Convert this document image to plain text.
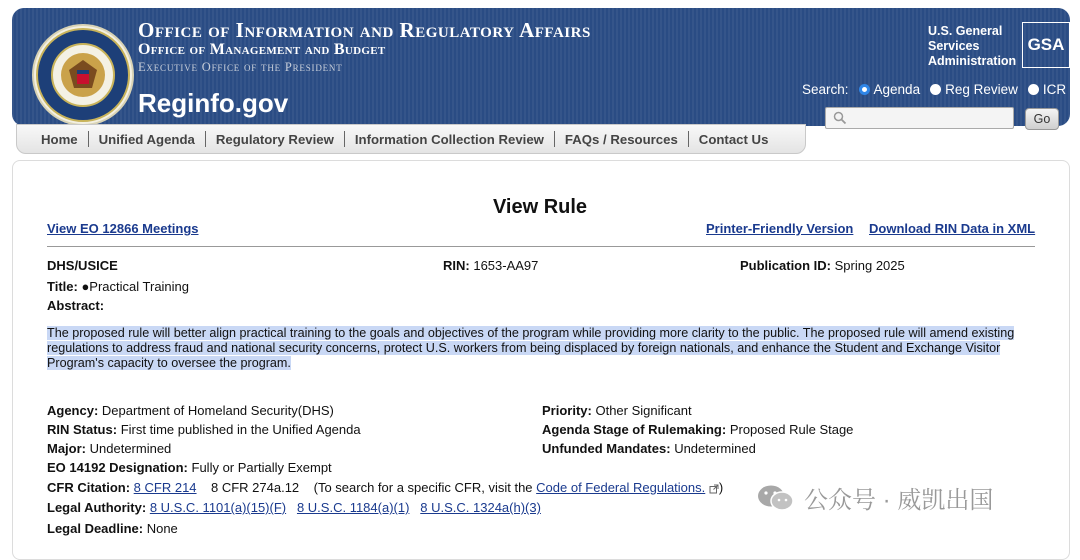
Office of Information and Regulatory Affairs
Office of Management and Budget
Executive Office of the President
Reginfo.gov
U.S. General Services Administration
GSA
Search: Agenda Reg Review ICR
Go
Home Unified Agenda Regulatory Review Information Collection Review FAQs / Resources Contact Us
View Rule
View EO 12866 Meetings	Printer-Friendly Version Download RIN Data in XML
DHS/USICE	RIN: 1653-AA97	Publication ID: Spring 2025
Title: ●Practical Training
Abstract:
The proposed rule will better align practical training to the goals and objectives of the program while providing more clarity to the public. The proposed rule will amend existing regulations to address fraud and national security concerns, protect U.S. workers from being displaced by foreign nationals, and enhance the Student and Exchange Visitor Program's capacity to oversee the program.
Agency: Department of Homeland Security(DHS)	Priority: Other Significant
RIN Status: First time published in the Unified Agenda	Agenda Stage of Rulemaking: Proposed Rule Stage
Major: Undetermined	Unfunded Mandates: Undetermined
EO 14192 Designation: Fully or Partially Exempt
CFR Citation: 8 CFR 214 8 CFR 274a.12 (To search for a specific CFR, visit the Code of Federal Regulations. )
Legal Authority: 8 U.S.C. 1101(a)(15)(F) 8 U.S.C. 1184(a)(1) 8 U.S.C. 1324a(h)(3)
Legal Deadline: None
公众号 · 威凯出国
